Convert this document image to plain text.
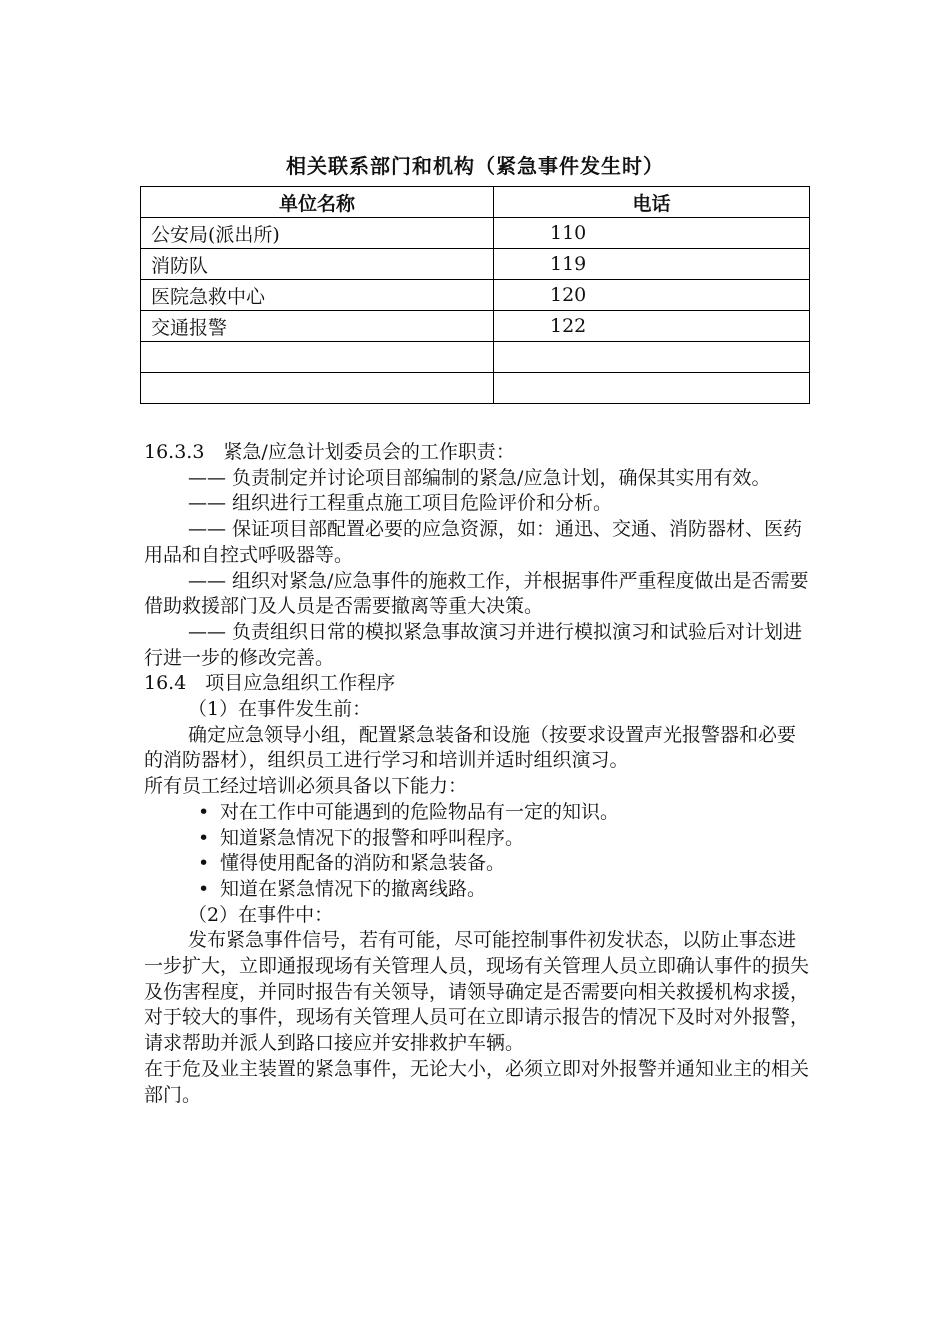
相关联系部门和机构（紧急事件发生时）
单位名称	电话
公安局(派出所)	110
消防队	119
医院急救中心	120
交通报警	122

16.3.3　紧急/应急计划委员会的工作职责：

—— 负责制定并讨论项目部编制的紧急/应急计划，确保其实用有效。

—— 组织进行工程重点施工项目危险评价和分析。

—— 保证项目部配置必要的应急资源，如：通迅、交通、消防器材、医药用品和自控式呼吸器等。

—— 组织对紧急/应急事件的施救工作，并根据事件严重程度做出是否需要借助救援部门及人员是否需要撤离等重大决策。

—— 负责组织日常的模拟紧急事故演习并进行模拟演习和试验后对计划进行进一步的修改完善。

16.4　项目应急组织工作程序

（1）在事件发生前：

确定应急领导小组，配置紧急装备和设施（按要求设置声光报警器和必要的消防器材），组织员工进行学习和培训并适时组织演习。

所有员工经过培训必须具备以下能力：

• 对在工作中可能遇到的危险物品有一定的知识。

• 知道紧急情况下的报警和呼叫程序。

• 懂得使用配备的消防和紧急装备。

• 知道在紧急情况下的撤离线路。

（2）在事件中：

发布紧急事件信号，若有可能，尽可能控制事件初发状态，以防止事态进一步扩大，立即通报现场有关管理人员，现场有关管理人员立即确认事件的损失及伤害程度，并同时报告有关领导，请领导确定是否需要向相关救援机构求援，对于较大的事件，现场有关管理人员可在立即请示报告的情况下及时对外报警，请求帮助并派人到路口接应并安排救护车辆。

在于危及业主装置的紧急事件，无论大小，必须立即对外报警并通知业主的相关部门。
